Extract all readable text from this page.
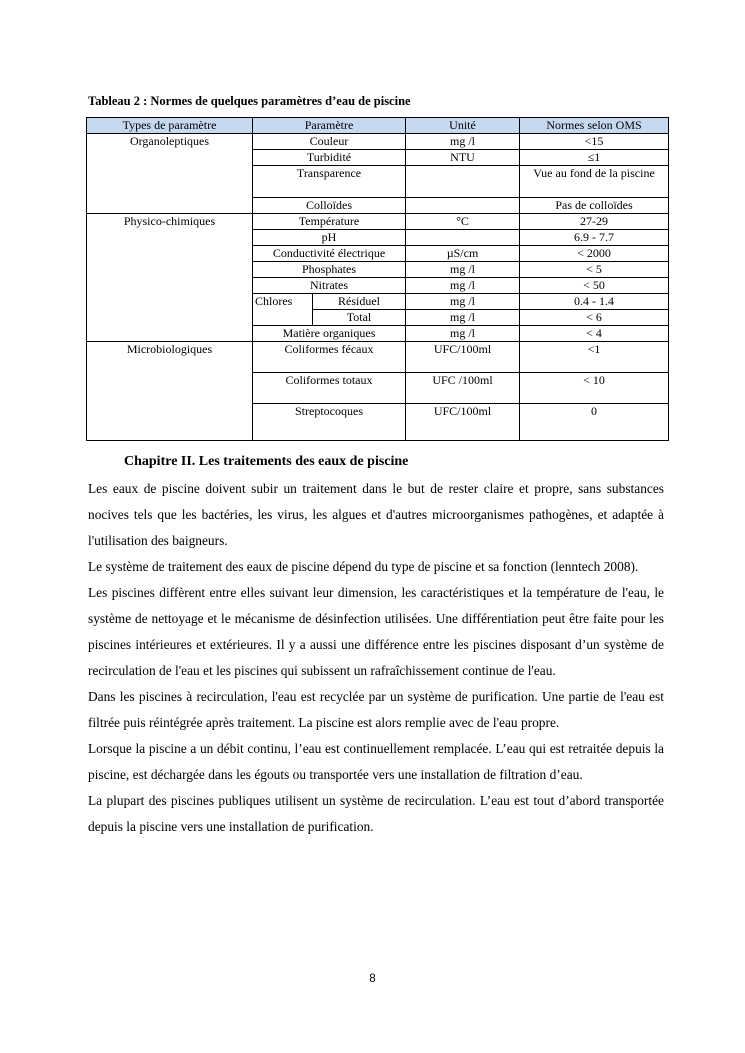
Tableau 2 : Normes de quelques paramètres d’eau de piscine
Types de paramètre	Paramètre		Unité	Normes selon OMS
Organoleptiques	Couleur		mg /l	<15
	Turbidité		NTU	≤1
	Transparence			Vue au fond de la piscine
	Colloïdes			Pas de colloïdes
Physico-chimiques	Température		°C	27-29
	pH			6.9 - 7.7
	Conductivité électrique		µS/cm	< 2000
	Phosphates		mg /l	< 5
	Nitrates		mg /l	< 50
	Chlores	Résiduel	mg /l	0.4 - 1.4
		Total	mg /l	< 6
	Matière organiques		mg /l	< 4
Microbiologiques	Coliformes fécaux		UFC/100ml	<1
	Coliformes totaux		UFC /100ml	< 10
	Streptocoques		UFC/100ml	0
Chapitre II. Les traitements des eaux de piscine

Les eaux de piscine doivent subir un traitement dans le but de rester claire et propre, sans substances nocives tels que les bactéries, les virus, les algues et d'autres microorganismes pathogènes, et adaptée à l'utilisation des baigneurs.

Le système de traitement des eaux de piscine dépend du type de piscine et sa fonction (lenntech 2008).

Les piscines diffèrent entre elles suivant leur dimension, les caractéristiques et la température de l'eau, le système de nettoyage et le mécanisme de désinfection utilisées. Une différentiation peut être faite pour les piscines intérieures et extérieures. Il y a aussi une différence entre les piscines disposant d’un système de recirculation de l'eau et les piscines qui subissent un rafraîchissement continue de l'eau.

Dans les piscines à recirculation, l'eau est recyclée par un système de purification. Une partie de l'eau est filtrée puis réintégrée après traitement. La piscine est alors remplie avec de l'eau propre.

Lorsque la piscine a un débit continu, l’eau est continuellement remplacée. L’eau qui est retraitée depuis la piscine, est déchargée dans les égouts ou transportée vers une installation de filtration d’eau.

La plupart des piscines publiques utilisent un système de recirculation. L’eau est tout d’abord transportée depuis la piscine vers une installation de purification.

8
